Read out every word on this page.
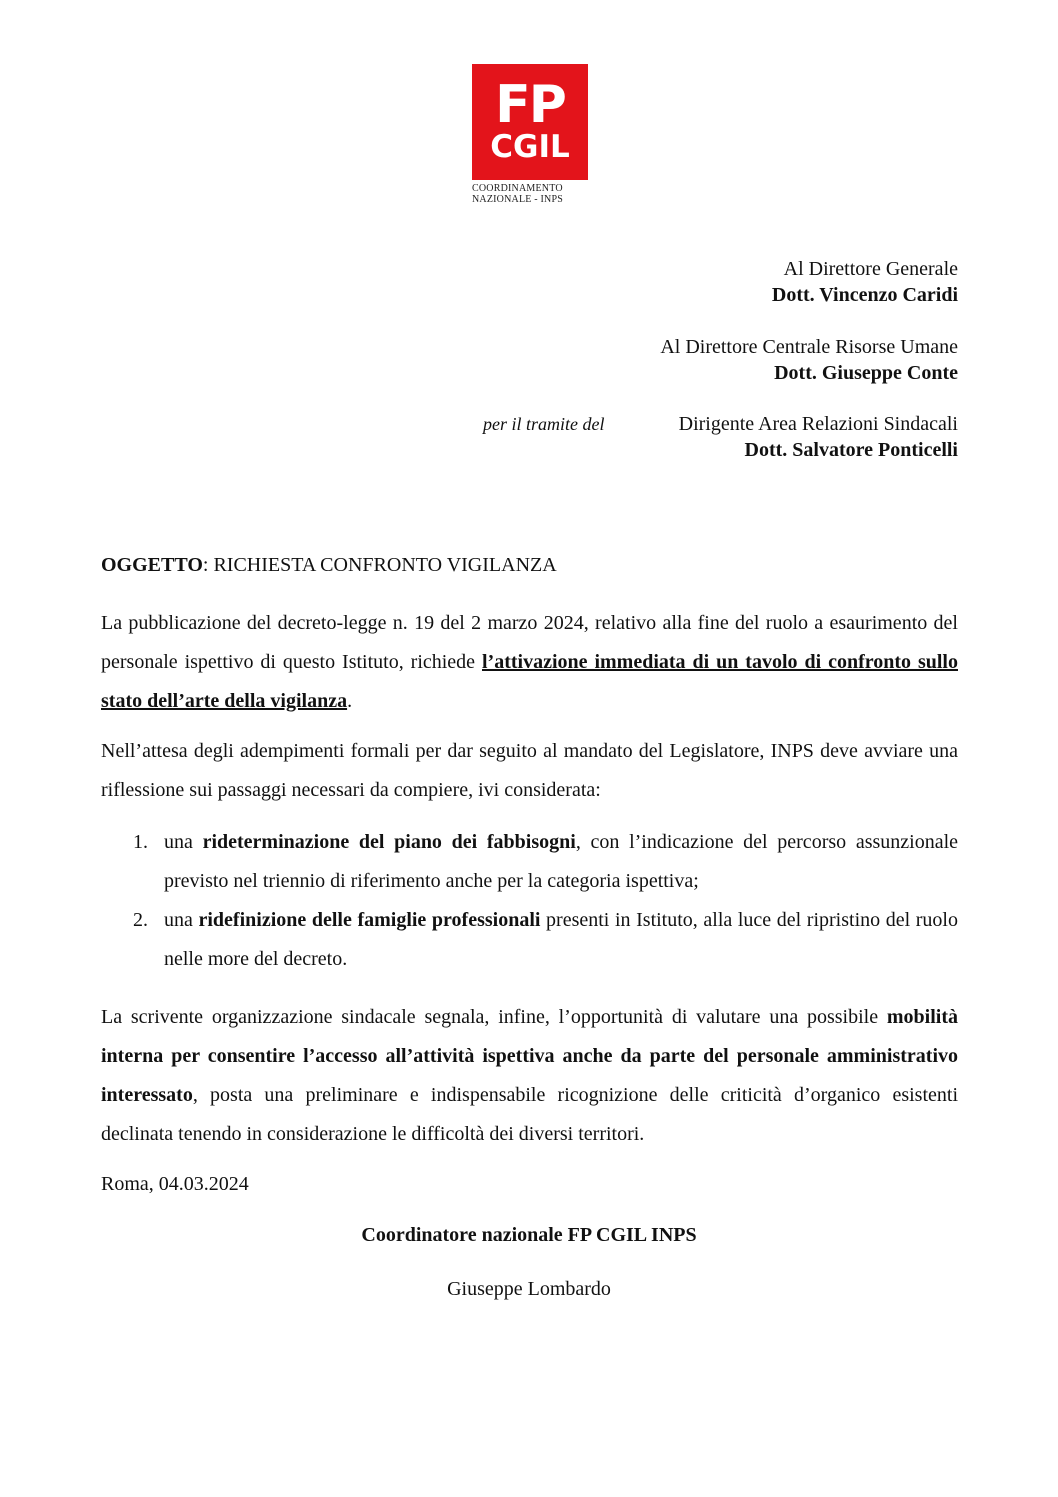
FP
CGIL
COORDINAMENTO
NAZIONALE - INPS
Al Direttore Generale
Dott. Vincenzo Caridi
Al Direttore Centrale Risorse Umane
Dott. Giuseppe Conte
per il tramite del	Dirigente Area Relazioni Sindacali
Dott. Salvatore Ponticelli
OGGETTO: RICHIESTA CONFRONTO VIGILANZA

La pubblicazione del decreto-legge n. 19 del 2 marzo 2024, relativo alla fine del ruolo a esaurimento del personale ispettivo di questo Istituto, richiede l’attivazione immediata di un tavolo di confronto sullo stato dell’arte della vigilanza.

Nell’attesa degli adempimenti formali per dar seguito al mandato del Legislatore, INPS deve avviare una riflessione sui passaggi necessari da compiere, ivi considerata:

1. una rideterminazione del piano dei fabbisogni, con l’indicazione del percorso assunzionale previsto nel triennio di riferimento anche per la categoria ispettiva;
2. una ridefinizione delle famiglie professionali presenti in Istituto, alla luce del ripristino del ruolo nelle more del decreto.

La scrivente organizzazione sindacale segnala, infine, l’opportunità di valutare una possibile mobilità interna per consentire l’accesso all’attività ispettiva anche da parte del personale amministrativo interessato, posta una preliminare e indispensabile ricognizione delle criticità d’organico esistenti declinata tenendo in considerazione le difficoltà dei diversi territori.

Roma, 04.03.2024
Coordinatore nazionale FP CGIL INPS
Giuseppe Lombardo
